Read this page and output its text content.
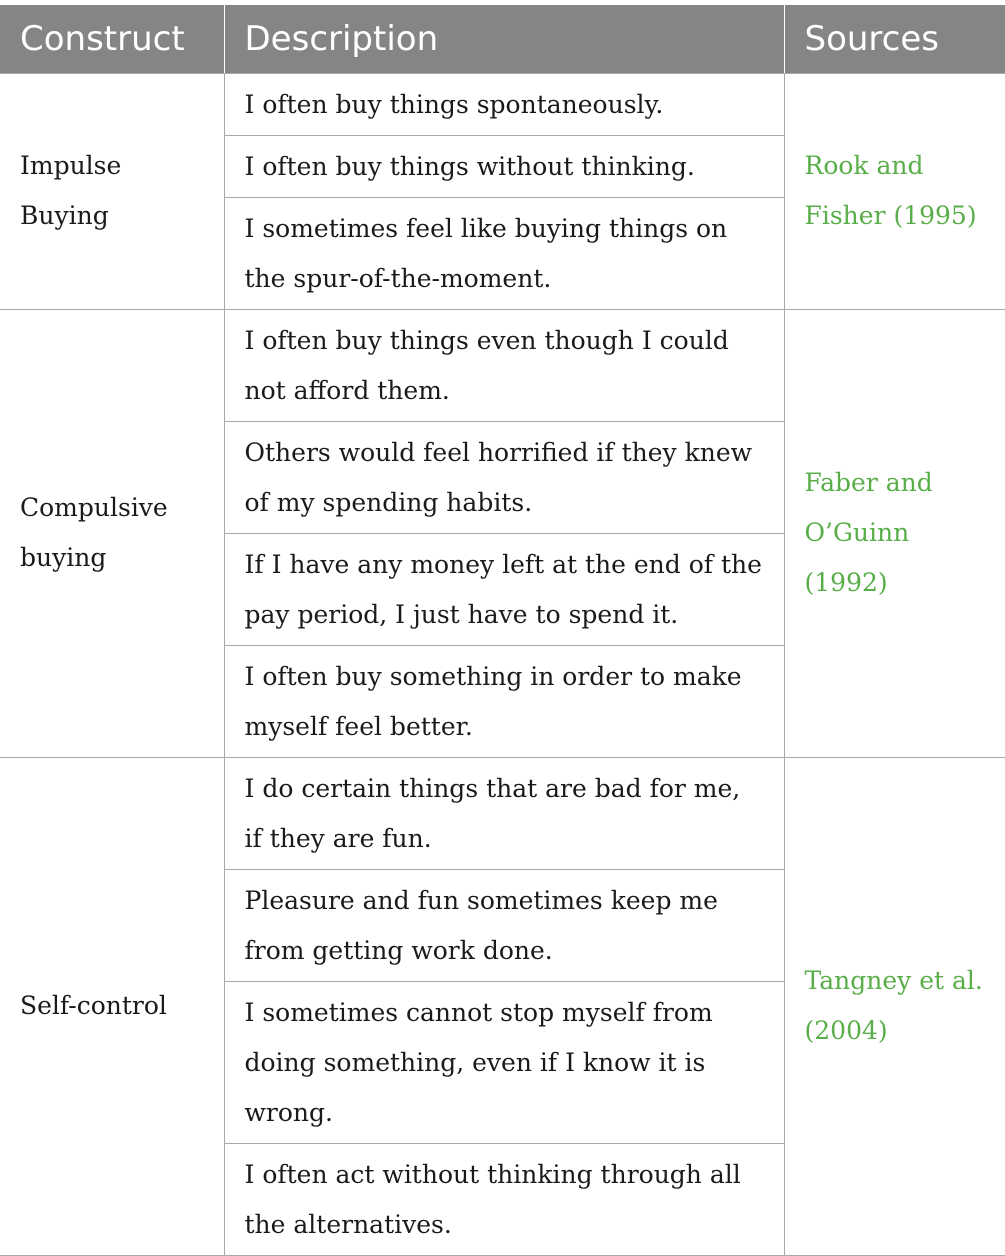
Construct	Description	Sources
Impulse Buying	I often buy things spontaneously.	Rook and Fisher (1995)
	I often buy things without thinking.	
	I sometimes feel like buying things on the spur-of-the-moment.	
Compulsive buying	I often buy things even though I could not afford them.	Faber and O’Guinn (1992)
	Others would feel horrified if they knew of my spending habits.	
	If I have any money left at the end of the pay period, I just have to spend it.	
	I often buy something in order to make myself feel better.	
Self-control	I do certain things that are bad for me, if they are fun.	Tangney et al. (2004)
	Pleasure and fun sometimes keep me from getting work done.	
	I sometimes cannot stop myself from doing something, even if I know it is wrong.	
	I often act without thinking through all the alternatives.	
